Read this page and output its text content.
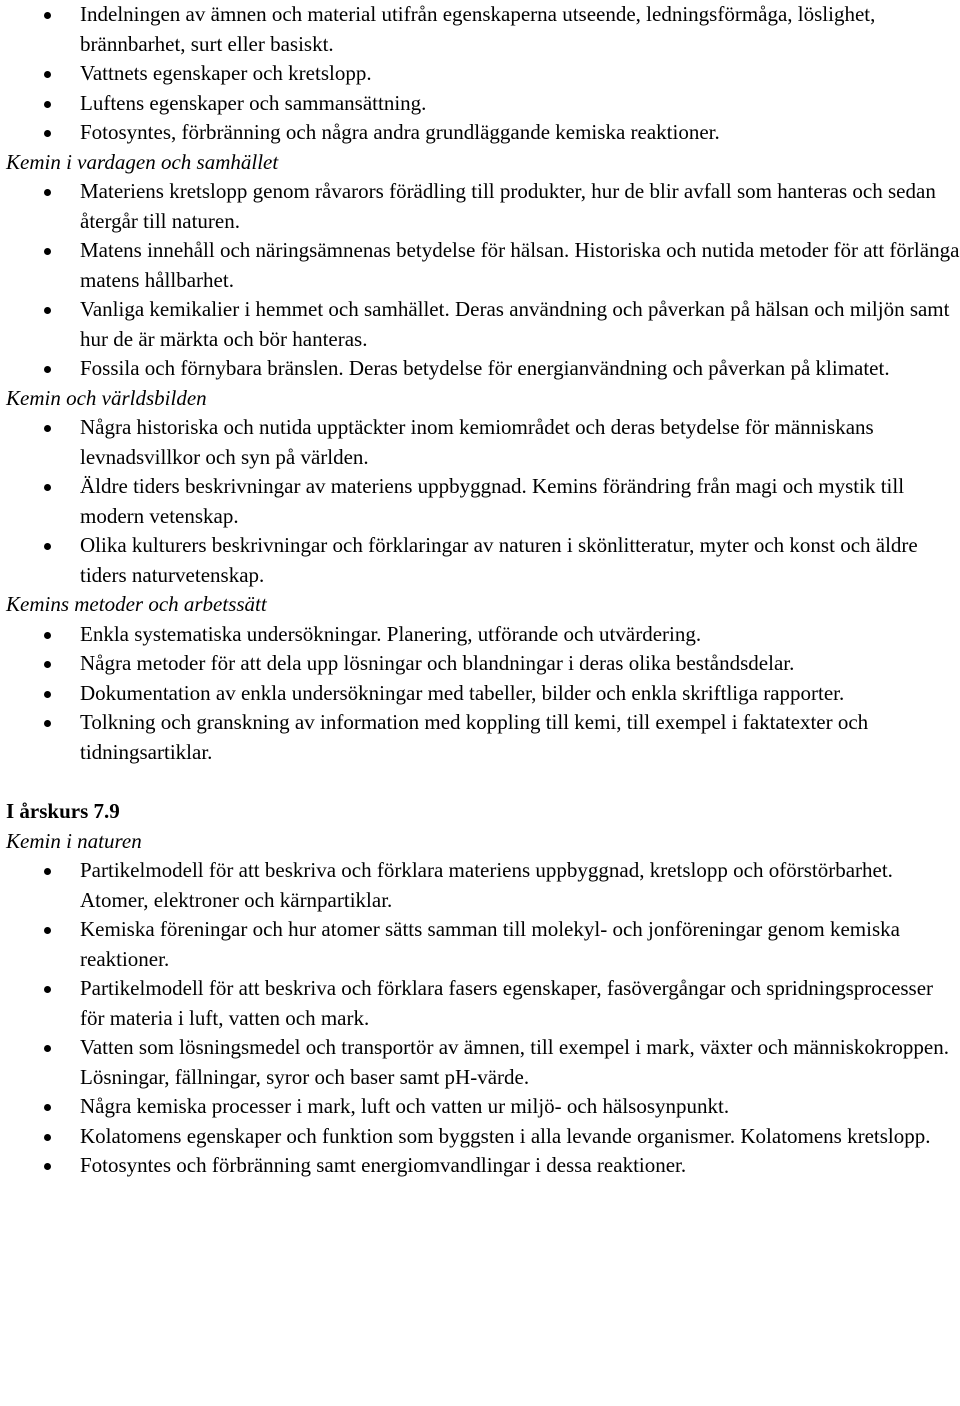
Indelningen av ämnen och material utifrån egenskaperna utseende, ledningsförmåga, löslighet, brännbarhet, surt eller basiskt.
Vattnets egenskaper och kretslopp.
Luftens egenskaper och sammansättning.
Fotosyntes, förbränning och några andra grundläggande kemiska reaktioner.

Kemin i vardagen och samhället

Materiens kretslopp genom råvarors förädling till produkter, hur de blir avfall som hanteras och sedan återgår till naturen.
Matens innehåll och näringsämnenas betydelse för hälsan. Historiska och nutida metoder för att förlänga matens hållbarhet.
Vanliga kemikalier i hemmet och samhället. Deras användning och påverkan på hälsan och miljön samt hur de är märkta och bör hanteras.
Fossila och förnybara bränslen. Deras betydelse för energianvändning och påverkan på klimatet.

Kemin och världsbilden

Några historiska och nutida upptäckter inom kemiområdet och deras betydelse för människans levnadsvillkor och syn på världen.
Äldre tiders beskrivningar av materiens uppbyggnad. Kemins förändring från magi och mystik till modern vetenskap.
Olika kulturers beskrivningar och förklaringar av naturen i skönlitteratur, myter och konst och äldre tiders naturvetenskap.

Kemins metoder och arbetssätt

Enkla systematiska undersökningar. Planering, utförande och utvärdering.
Några metoder för att dela upp lösningar och blandningar i deras olika beståndsdelar.
Dokumentation av enkla undersökningar med tabeller, bilder och enkla skriftliga rapporter.
Tolkning och granskning av information med koppling till kemi, till exempel i faktatexter och tidningsartiklar.

I årskurs 7.9

Kemin i naturen

Partikelmodell för att beskriva och förklara materiens uppbyggnad, kretslopp och oförstörbarhet. Atomer, elektroner och kärnpartiklar.
Kemiska föreningar och hur atomer sätts samman till molekyl- och jonföreningar genom kemiska reaktioner.
Partikelmodell för att beskriva och förklara fasers egenskaper, fasövergångar och spridningsprocesser för materia i luft, vatten och mark.
Vatten som lösningsmedel och transportör av ämnen, till exempel i mark, växter och människokroppen. Lösningar, fällningar, syror och baser samt pH-värde.
Några kemiska processer i mark, luft och vatten ur miljö- och hälsosynpunkt.
Kolatomens egenskaper och funktion som byggsten i alla levande organismer. Kolatomens kretslopp.
Fotosyntes och förbränning samt energiomvandlingar i dessa reaktioner.
